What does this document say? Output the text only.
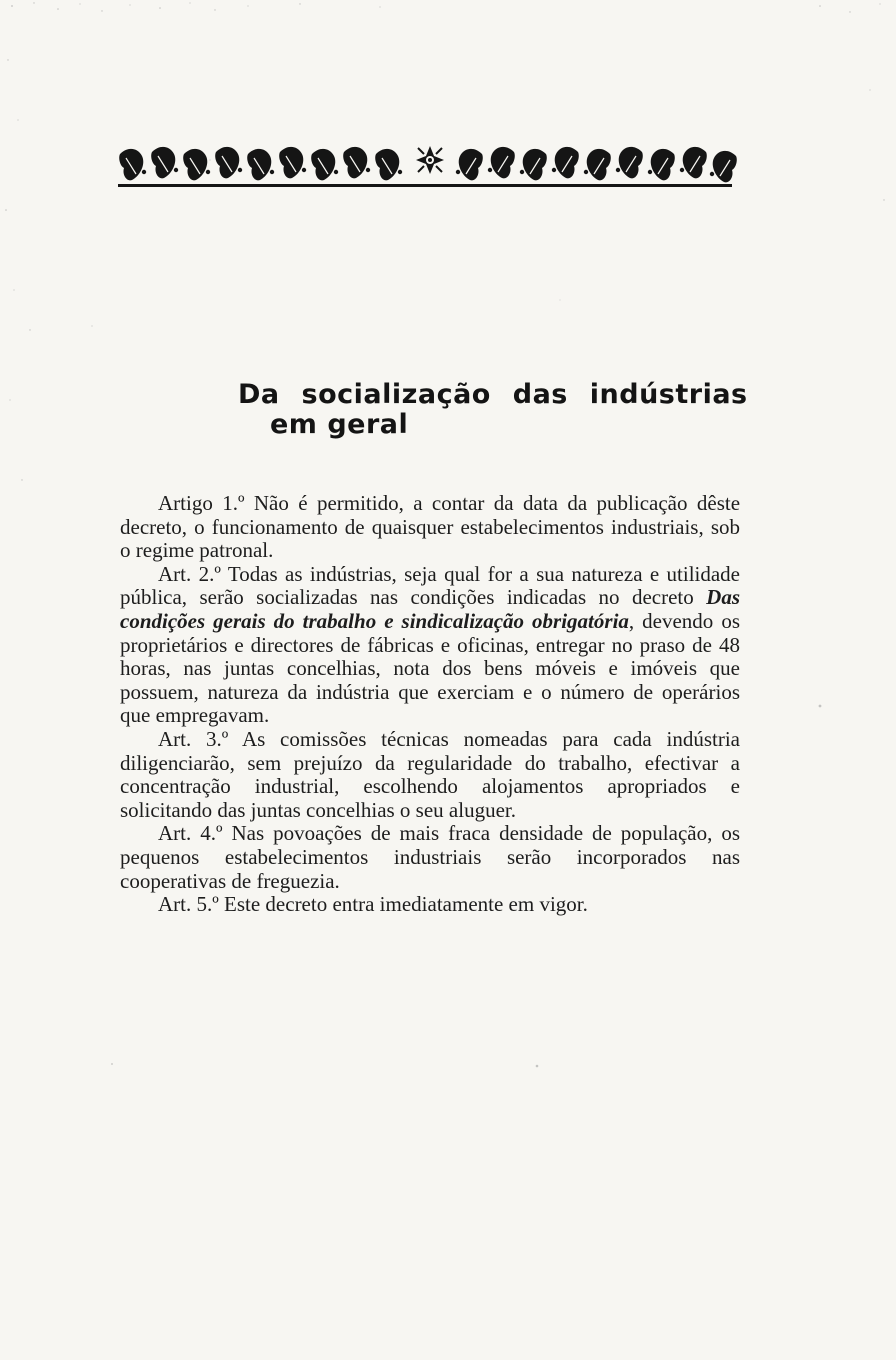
Da socialização das indústrias
em geral

Artigo 1.º Não é permitido, a contar da data da publicação dêste decreto, o funcionamento de quaisquer estabelecimentos industriais, sob o regime patronal.

Art. 2.º Todas as indústrias, seja qual for a sua natureza e utilidade pública, serão socializadas nas condições indicadas no decreto Das condições gerais do trabalho e sindicalização obrigatória, devendo os proprietários e directores de fábricas e oficinas, entregar no praso de 48 horas, nas juntas concelhias, nota dos bens móveis e imóveis que possuem, natureza da indústria que exerciam e o número de operários que empregavam.

Art. 3.º As comissões técnicas nomeadas para cada indústria diligenciarão, sem prejuízo da regularidade do trabalho, efectivar a concentração industrial, escolhendo alojamentos apropriados e solicitando das juntas concelhias o seu aluguer.

Art. 4.º Nas povoações de mais fraca densidade de população, os pequenos estabelecimentos industriais serão incorporados nas cooperativas de freguezia.

Art. 5.º Este decreto entra imediatamente em vigor.
